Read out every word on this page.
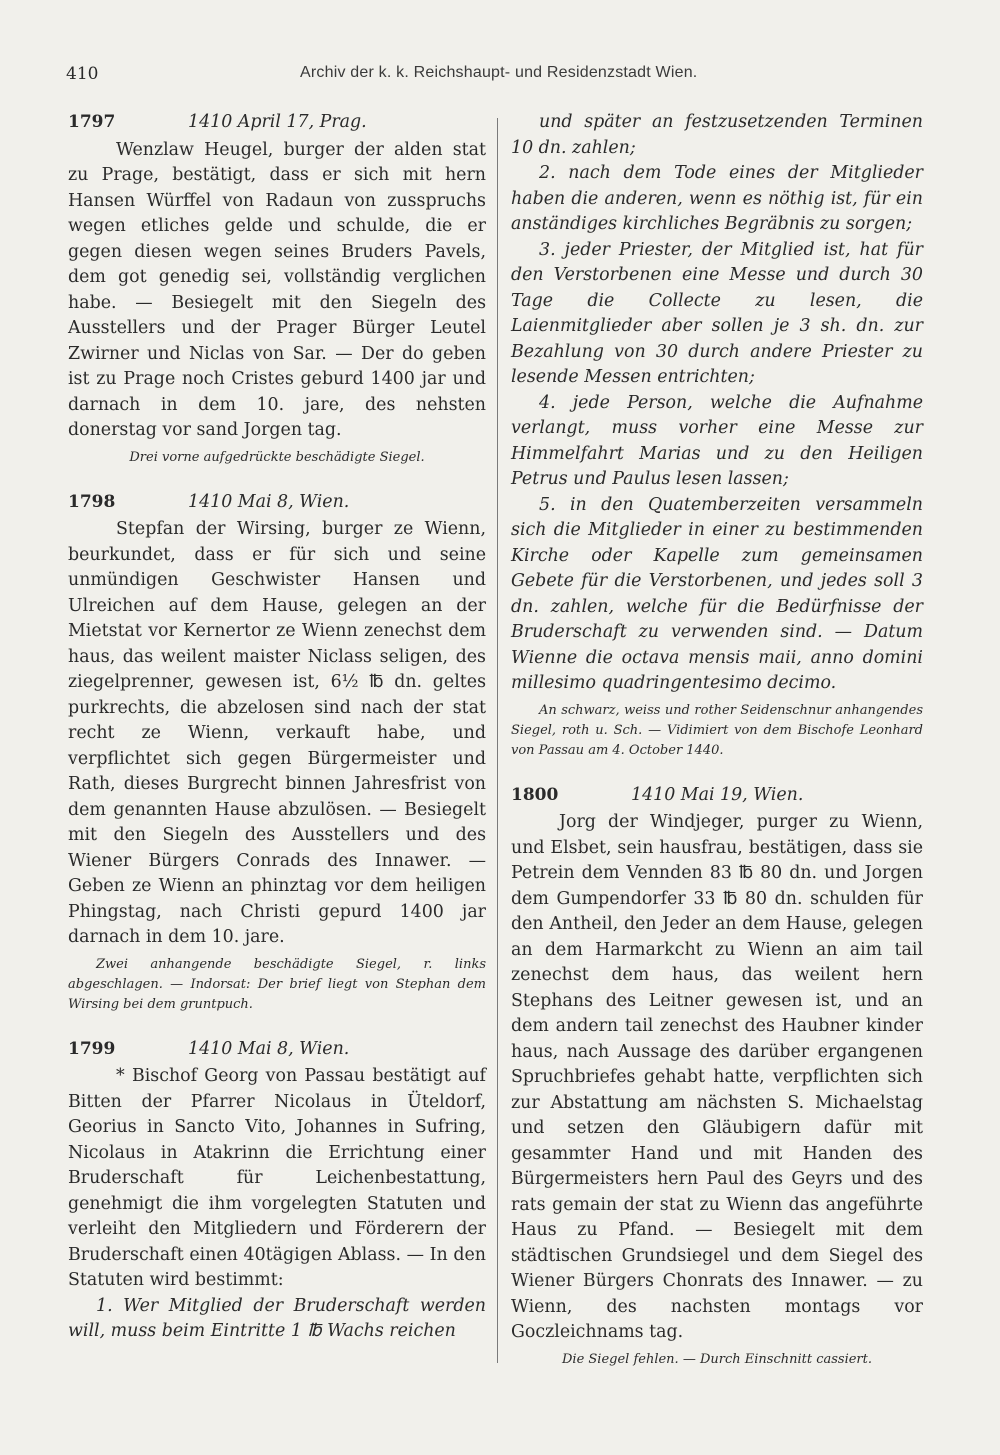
410	Archiv der k. k. Reichshaupt- und Residenzstadt Wien.
1797	1410 April 17, Prag.

Wenzlaw Heugel, burger der alden stat zu Prage, bestätigt, dass er sich mit hern Hansen Würffel von Radaun von zusspruchs wegen etliches gelde und schulde, die er gegen diesen wegen seines Bruders Pavels, dem got genedig sei, vollständig verglichen habe. — Besiegelt mit den Siegeln des Ausstellers und der Prager Bürger Leutel Zwirner und Niclas von Sar. — Der do geben ist zu Prage noch Cristes geburd 1400 jar und darnach in dem 10. jare, des nehsten donerstag vor sand Jorgen tag.

Drei vorne aufgedrückte beschädigte Siegel.
1798	1410 Mai 8, Wien.

Stepfan der Wirsing, burger ze Wienn, beurkundet, dass er für sich und seine unmündigen Geschwister Hansen und Ulreichen auf dem Hause, gelegen an der Mietstat vor Kernertor ze Wienn zenechst dem haus, das weilent maister Niclass seligen, des ziegelprenner, gewesen ist, 6½ ℔ dn. geltes purkrechts, die abzelosen sind nach der stat recht ze Wienn, verkauft habe, und verpflichtet sich gegen Bürgermeister und Rath, dieses Burgrecht binnen Jahresfrist von dem genannten Hause abzulösen. — Besiegelt mit den Siegeln des Ausstellers und des Wiener Bürgers Conrads des Innawer. — Geben ze Wienn an phinztag vor dem heiligen Phingstag, nach Christi gepurd 1400 jar darnach in dem 10. jare.

Zwei anhangende beschädigte Siegel, r. links abgeschlagen. — Indorsat: Der brief liegt von Stephan dem Wirsing bei dem gruntpuch.
1799	1410 Mai 8, Wien.

* Bischof Georg von Passau bestätigt auf Bitten der Pfarrer Nicolaus in Üteldorf, Georius in Sancto Vito, Johannes in Sufring, Nicolaus in Atakrinn die Errichtung einer Bruderschaft für Leichenbestattung, genehmigt die ihm vorgelegten Statuten und verleiht den Mitgliedern und Förderern der Bruderschaft einen 40tägigen Ablass. — In den Statuten wird bestimmt:

1. Wer Mitglied der Bruderschaft werden will, muss beim Eintritte 1 ℔ Wachs reichen

und später an festzusetzenden Terminen 10 dn. zahlen;

2. nach dem Tode eines der Mitglieder haben die anderen, wenn es nöthig ist, für ein anständiges kirchliches Begräbnis zu sorgen;

3. jeder Priester, der Mitglied ist, hat für den Verstorbenen eine Messe und durch 30 Tage die Collecte zu lesen, die Laienmitglieder aber sollen je 3 sh. dn. zur Bezahlung von 30 durch andere Priester zu lesende Messen entrichten;

4. jede Person, welche die Aufnahme verlangt, muss vorher eine Messe zur Himmelfahrt Marias und zu den Heiligen Petrus und Paulus lesen lassen;

5. in den Quatemberzeiten versammeln sich die Mitglieder in einer zu bestimmenden Kirche oder Kapelle zum gemeinsamen Gebete für die Verstorbenen, und jedes soll 3 dn. zahlen, welche für die Bedürfnisse der Bruderschaft zu verwenden sind. — Datum Wienne die octava mensis maii, anno domini millesimo quadringentesimo decimo.

An schwarz, weiss und rother Seidenschnur anhangendes Siegel, roth u. Sch. — Vidimiert von dem Bischofe Leonhard von Passau am 4. October 1440.
1800	1410 Mai 19, Wien.

Jorg der Windjeger, purger zu Wienn, und Elsbet, sein hausfrau, bestätigen, dass sie Petrein dem Vennden 83 ℔ 80 dn. und Jorgen dem Gumpendorfer 33 ℔ 80 dn. schulden für den Antheil, den Jeder an dem Hause, gelegen an dem Harmarkcht zu Wienn an aim tail zenechst dem haus, das weilent hern Stephans des Leitner gewesen ist, und an dem andern tail zenechst des Haubner kinder haus, nach Aussage des darüber ergangenen Spruchbriefes gehabt hatte, verpflichten sich zur Abstattung am nächsten S. Michaelstag und setzen den Gläubigern dafür mit gesammter Hand und mit Handen des Bürgermeisters hern Paul des Geyrs und des rats gemain der stat zu Wienn das angeführte Haus zu Pfand. — Besiegelt mit dem städtischen Grundsiegel und dem Siegel des Wiener Bürgers Chonrats des Innawer. — zu Wienn, des nachsten montags vor Goczleichnams tag.

Die Siegel fehlen. — Durch Einschnitt cassiert.
